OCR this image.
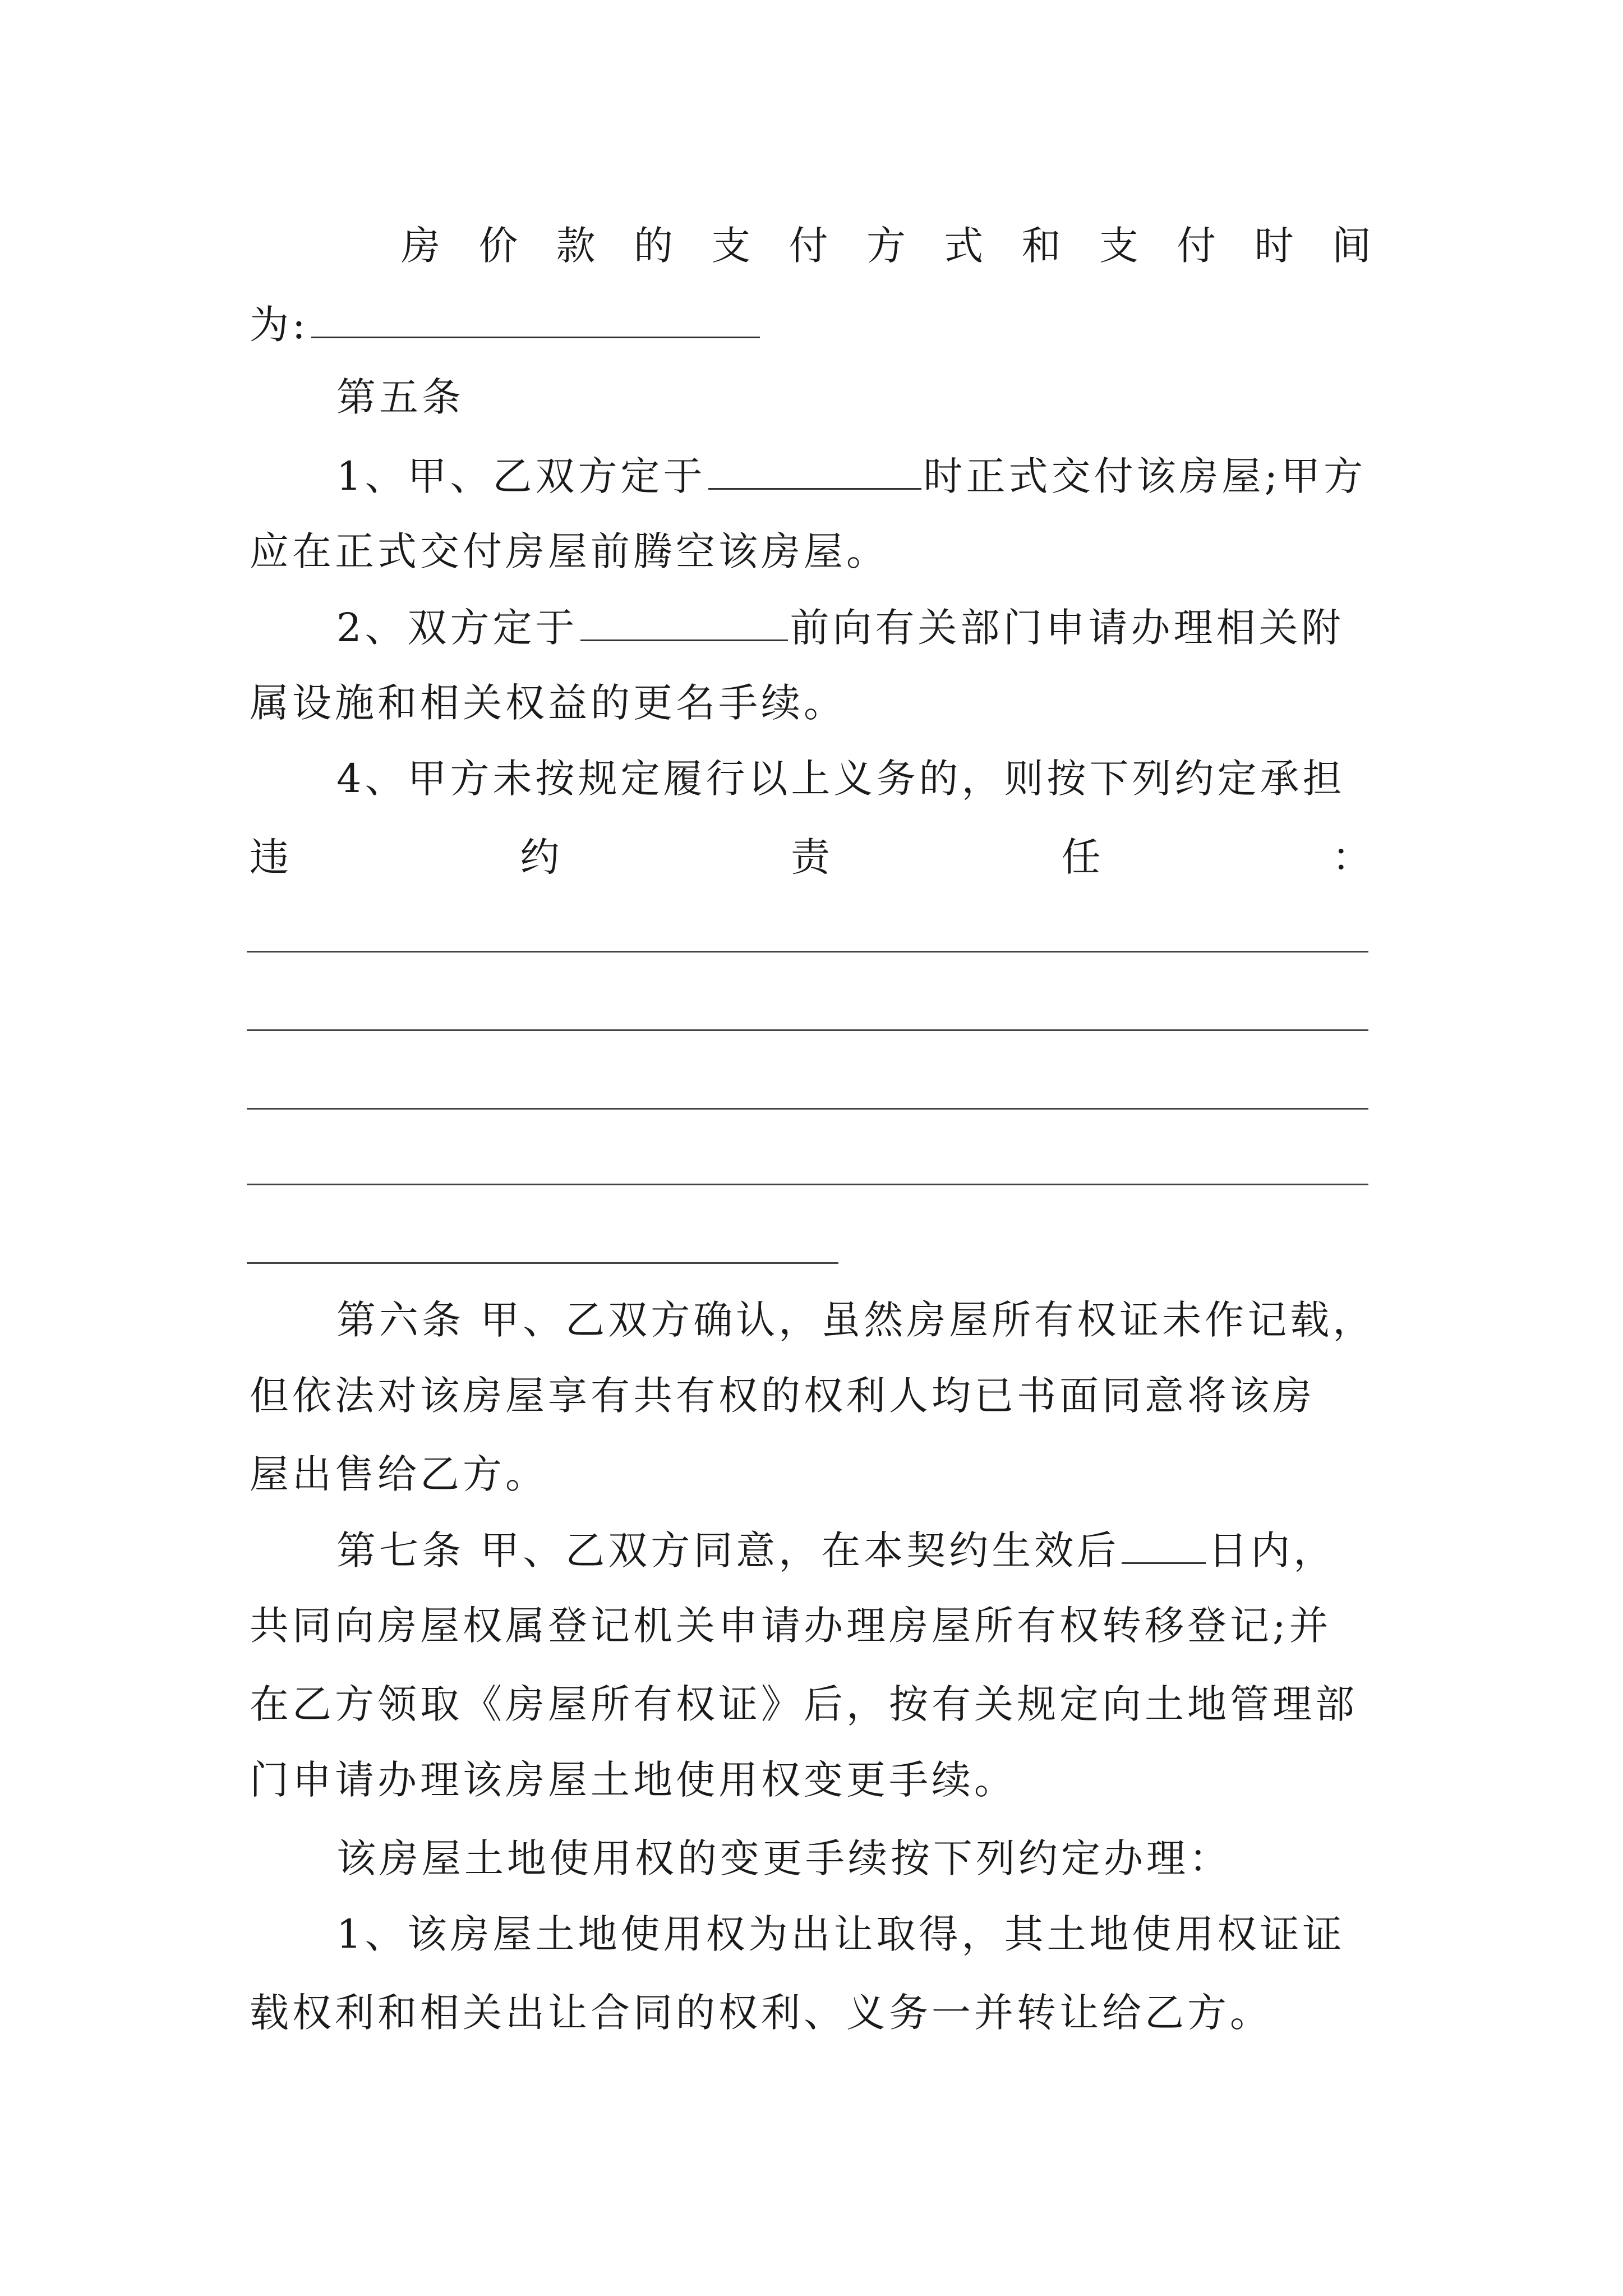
房 价 款 的 支 付 方 式 和 支 付 时 间
为:
第五条
1、甲、乙双方定于	时正式交付该房屋;甲方
应在正式交付房屋前腾空该房屋。
2、双方定于	前向有关部门申请办理相关附
属设施和相关权益的更名手续。
4、甲方未按规定履行以上义务的，则按下列约定承担
违	约	责	任	：
第六条 甲、乙双方确认，虽然房屋所有权证未作记载，
但依法对该房屋享有共有权的权利人均已书面同意将该房
屋出售给乙方。
第七条 甲、乙双方同意，在本契约生效后 日内，
共同向房屋权属登记机关申请办理房屋所有权转移登记;并
在乙方领取《房屋所有权证》后，按有关规定向土地管理部
门申请办理该房屋土地使用权变更手续。
该房屋土地使用权的变更手续按下列约定办理：
1、该房屋土地使用权为出让取得，其土地使用权证证
载权利和相关出让合同的权利、义务一并转让给乙方。
